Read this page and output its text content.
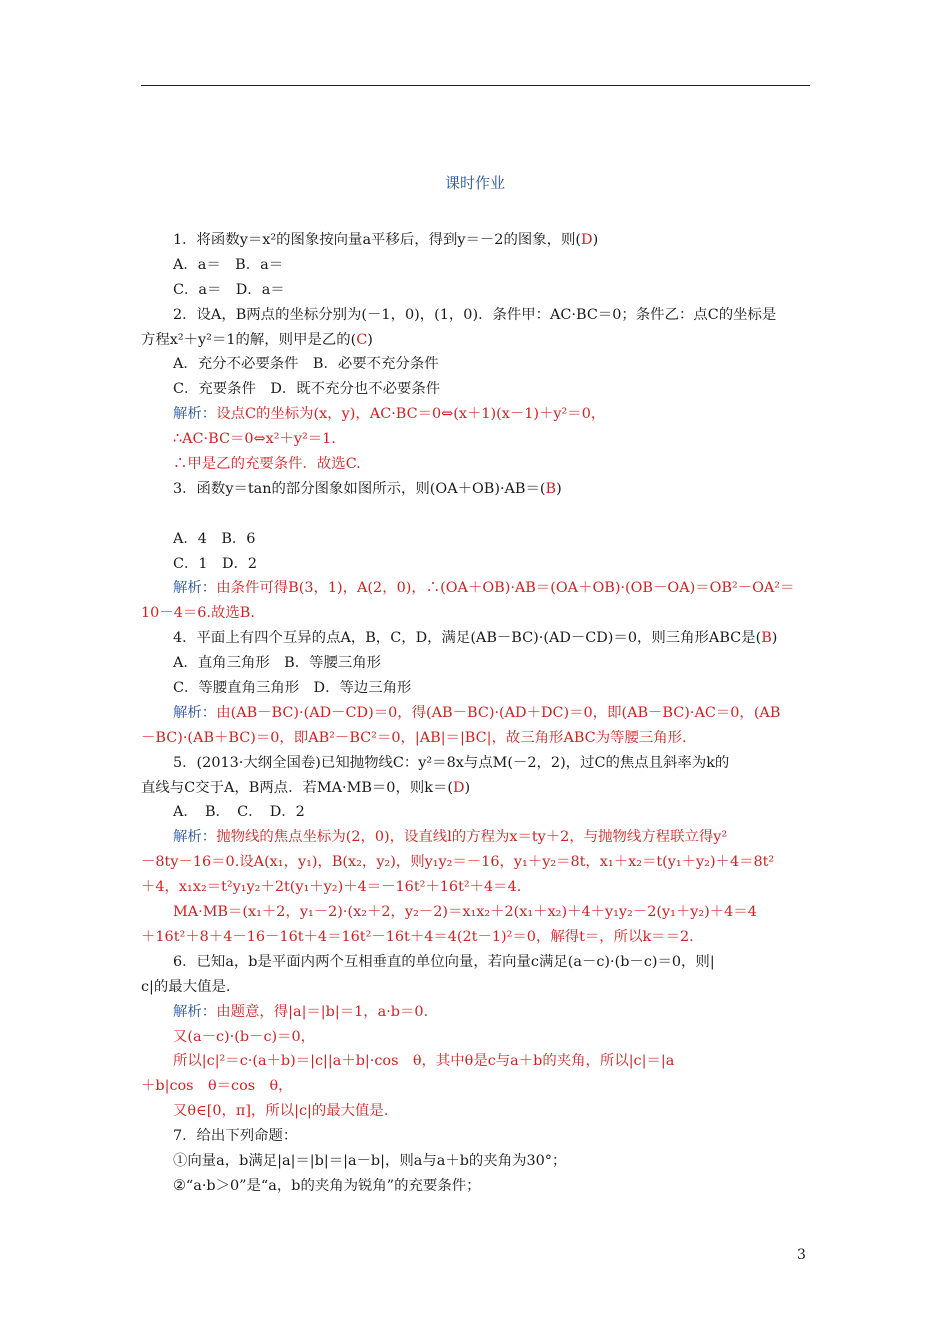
课时作业
1．将函数y＝x²的图象按向量a平移后，得到y＝－2的图象，则(D)
A．a＝　B．a＝
C．a＝　D．a＝
2．设A，B两点的坐标分别为(－1，0)，(1，0)．条件甲：AC·BC＝0；条件乙：点C的坐标是
方程x²＋y²＝1的解，则甲是乙的(C)
A．充分不必要条件　B．必要不充分条件
C．充要条件　D．既不充分也不必要条件
解析：设点C的坐标为(x，y)，AC·BC＝0⇔(x＋1)(x－1)＋y²＝0，
∴AC·BC＝0⇔x²＋y²＝1.
∴甲是乙的充要条件．故选C.
3．函数y＝tan的部分图象如图所示，则(OA＋OB)·AB＝(B)
A．4　B．6
C．1　D．2
解析：由条件可得B(3，1)，A(2，0)，∴(OA＋OB)·AB＝(OA＋OB)·(OB－OA)＝OB²－OA²＝
10－4＝6.故选B.
4．平面上有四个互异的点A，B，C，D，满足(AB－BC)·(AD－CD)＝0，则三角形ABC是(B)
A．直角三角形　B．等腰三角形
C．等腰直角三角形　D．等边三角形
解析：由(AB－BC)·(AD－CD)＝0，得(AB－BC)·(AD＋DC)＝0，即(AB－BC)·AC＝0，(AB
－BC)·(AB＋BC)＝0，即AB²－BC²＝0，|AB|＝|BC|，故三角形ABC为等腰三角形.
5．(2013·大纲全国卷)已知抛物线C：y²＝8x与点M(－2，2)，过C的焦点且斜率为k的
直线与C交于A，B两点．若MA·MB＝0，则k＝(D)
A．　B．　C．　D．2
解析：抛物线的焦点坐标为(2，0)，设直线l的方程为x＝ty＋2，与抛物线方程联立得y²
－8ty－16＝0.设A(x₁，y₁)，B(x₂，y₂)，则y₁y₂＝－16，y₁＋y₂＝8t，x₁＋x₂＝t(y₁＋y₂)＋4＝8t²
＋4，x₁x₂＝t²y₁y₂＋2t(y₁＋y₂)＋4＝－16t²＋16t²＋4＝4.
MA·MB＝(x₁＋2，y₁－2)·(x₂＋2，y₂－2)＝x₁x₂＋2(x₁＋x₂)＋4＋y₁y₂－2(y₁＋y₂)＋4＝4
＋16t²＋8＋4－16－16t＋4＝16t²－16t＋4＝4(2t－1)²＝0，解得t＝，所以k＝＝2.
6．已知a，b是平面内两个互相垂直的单位向量，若向量c满足(a－c)·(b－c)＝0，则|
c|的最大值是.
解析：由题意，得|a|＝|b|＝1，a·b＝0.
又(a－c)·(b－c)＝0，
所以|c|²＝c·(a＋b)＝|c||a＋b|·cos　θ，其中θ是c与a＋b的夹角，所以|c|＝|a
＋b|cos　θ＝cos　θ，
又θ∈[0，π]，所以|c|的最大值是.
7．给出下列命题：
①向量a，b满足|a|＝|b|＝|a－b|，则a与a＋b的夹角为30°；
②“a·b＞0”是“a，b的夹角为锐角”的充要条件；
3
